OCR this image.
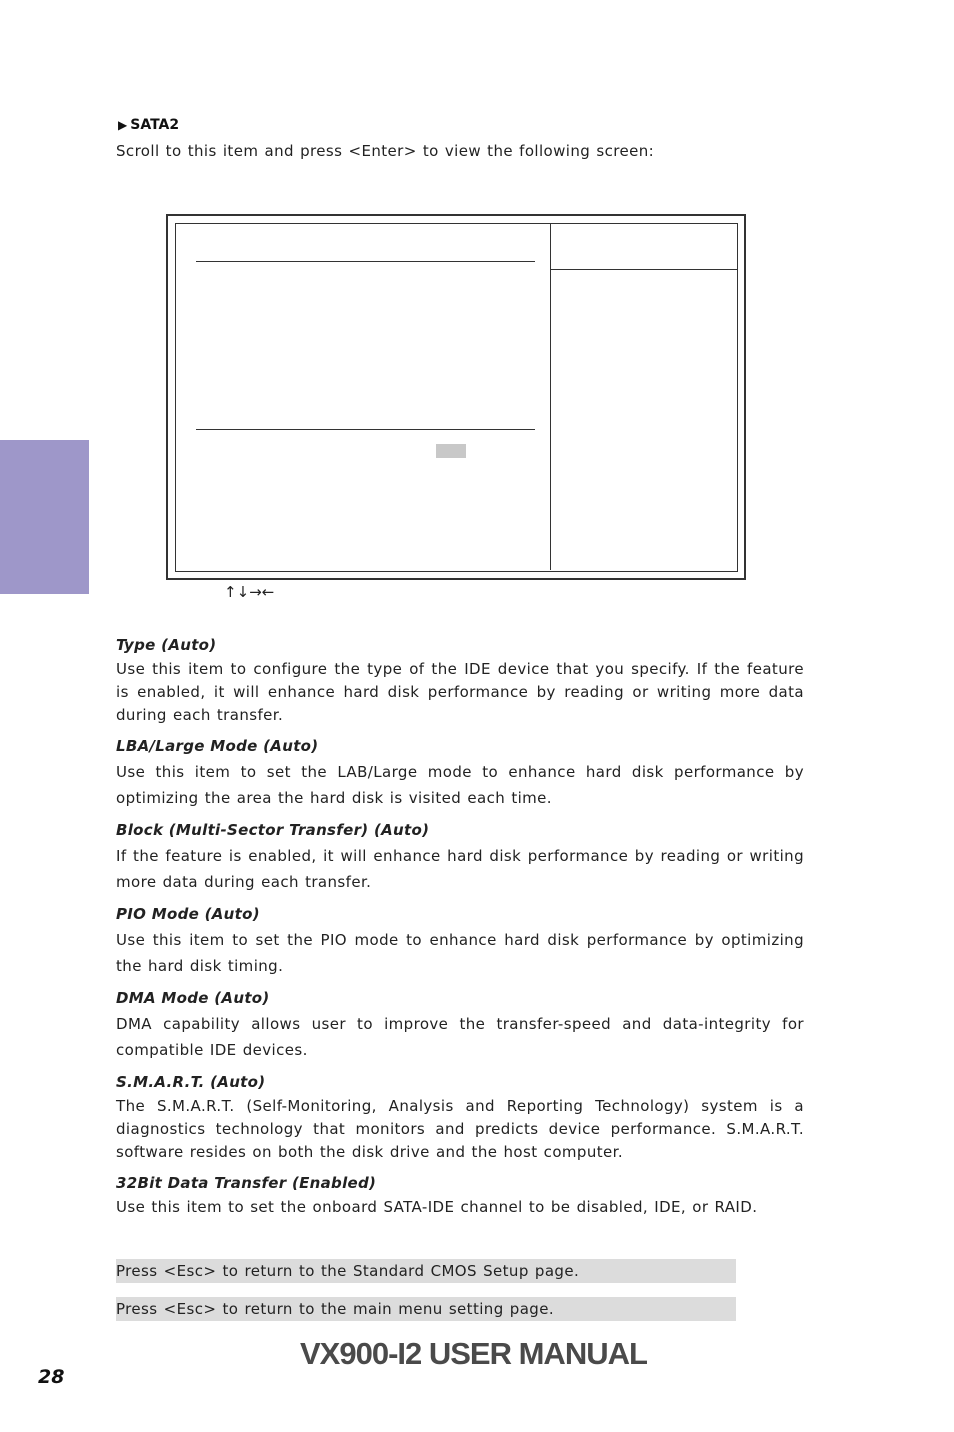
▶ SATA2
Scroll to this item and press <Enter> to view the following screen:
↑↓→←

Type (Auto)

Use this item to configure the type of the IDE device that you specify. If the feature is enabled, it will enhance hard disk performance by reading or writing more data during each transfer.

LBA/Large Mode (Auto)

Use this item to set the LAB/Large mode to enhance hard disk performance by optimizing the area the hard disk is visited each time.

Block (Multi-Sector Transfer) (Auto)

If the feature is enabled, it will enhance hard disk performance by reading or writing more data during each transfer.

PIO Mode (Auto)

Use this item to set the PIO mode to enhance hard disk performance by optimizing the hard disk timing.

DMA Mode (Auto)

DMA capability allows user to improve the transfer-speed and data-integrity for compatible IDE devices.

S.M.A.R.T. (Auto)

The S.M.A.R.T. (Self-Monitoring, Analysis and Reporting Technology) system is a diagnostics technology that monitors and predicts device performance. S.M.A.R.T. software resides on both the disk drive and the host computer.

32Bit Data Transfer (Enabled)

Use this item to set the onboard SATA-IDE channel to be disabled, IDE, or RAID.

Press <Esc> to return to the Standard CMOS Setup page.
Press <Esc> to return to the main menu setting page.
28
VX900-I2 USER MANUAL
